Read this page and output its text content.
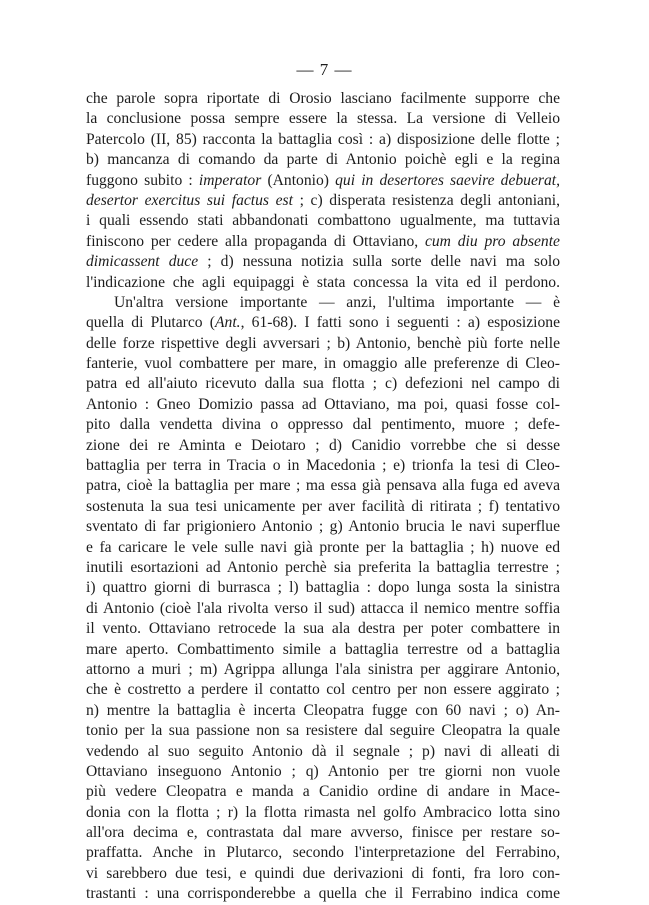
— 7 —
che parole sopra riportate di Orosio lasciano facilmente supporre che
la conclusione possa sempre essere la stessa. La versione di Velleio
Patercolo (II, 85) racconta la battaglia così : a) disposizione delle flotte ;
b) mancanza di comando da parte di Antonio poichè egli e la regina
fuggono subito : imperator (Antonio) qui in desertores saevire debuerat,
desertor exercitus sui factus est ; c) disperata resistenza degli antoniani,
i quali essendo stati abbandonati combattono ugualmente, ma tuttavia
finiscono per cedere alla propaganda di Ottaviano, cum diu pro absente
dimicassent duce ; d) nessuna notizia sulla sorte delle navi ma solo
l'indicazione che agli equipaggi è stata concessa la vita ed il perdono.
Un'altra versione importante — anzi, l'ultima importante — è
quella di Plutarco (Ant., 61-68). I fatti sono i seguenti : a) esposizione
delle forze rispettive degli avversari ; b) Antonio, benchè più forte nelle
fanterie, vuol combattere per mare, in omaggio alle preferenze di Cleo-
patra ed all'aiuto ricevuto dalla sua flotta ; c) defezioni nel campo di
Antonio : Gneo Domizio passa ad Ottaviano, ma poi, quasi fosse col-
pito dalla vendetta divina o oppresso dal pentimento, muore ; defe-
zione dei re Aminta e Deiotaro ; d) Canidio vorrebbe che si desse
battaglia per terra in Tracia o in Macedonia ; e) trionfa la tesi di Cleo-
patra, cioè la battaglia per mare ; ma essa già pensava alla fuga ed aveva
sostenuta la sua tesi unicamente per aver facilità di ritirata ; f) tentativo
sventato di far prigioniero Antonio ; g) Antonio brucia le navi superflue
e fa caricare le vele sulle navi già pronte per la battaglia ; h) nuove ed
inutili esortazioni ad Antonio perchè sia preferita la battaglia terrestre ;
i) quattro giorni di burrasca ; l) battaglia : dopo lunga sosta la sinistra
di Antonio (cioè l'ala rivolta verso il sud) attacca il nemico mentre soffia
il vento. Ottaviano retrocede la sua ala destra per poter combattere in
mare aperto. Combattimento simile a battaglia terrestre od a battaglia
attorno a muri ; m) Agrippa allunga l'ala sinistra per aggirare Antonio,
che è costretto a perdere il contatto col centro per non essere aggirato ;
n) mentre la battaglia è incerta Cleopatra fugge con 60 navi ; o) An-
tonio per la sua passione non sa resistere dal seguire Cleopatra la quale
vedendo al suo seguito Antonio dà il segnale ; p) navi di alleati di
Ottaviano inseguono Antonio ; q) Antonio per tre giorni non vuole
più vedere Cleopatra e manda a Canidio ordine di andare in Mace-
donia con la flotta ; r) la flotta rimasta nel golfo Ambracico lotta sino
all'ora decima e, contrastata dal mare avverso, finisce per restare so-
praffatta. Anche in Plutarco, secondo l'interpretazione del Ferrabino,
vi sarebbero due tesi, e quindi due derivazioni di fonti, fra loro con-
trastanti : una corrisponderebbe a quella che il Ferrabino indica come
